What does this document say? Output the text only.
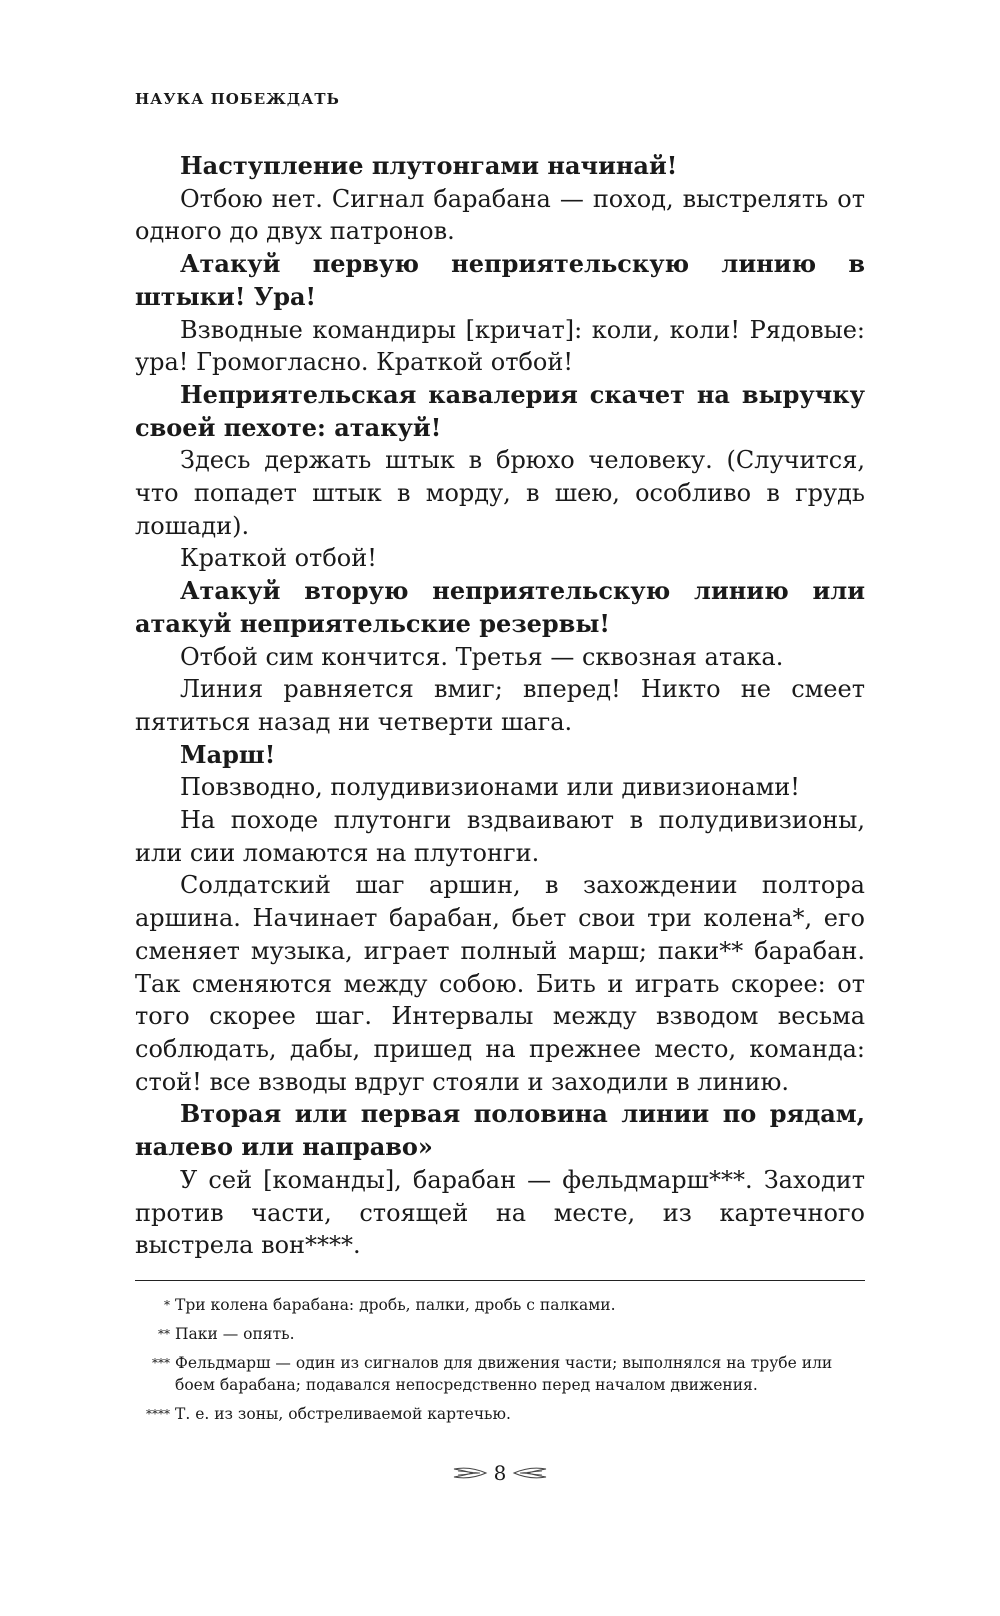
НАУКА ПОБЕЖДАТЬ

Наступление плутонгами начинай!

Отбою нет. Сигнал барабана — поход, выстрелять от одного до двух патронов.

Атакуй первую неприятельскую линию в штыки! Ура!

Взводные командиры [кричат]: коли, коли! Рядовые: ура! Громогласно. Краткой отбой!

Неприятельская кавалерия скачет на выручку своей пехоте: атакуй!

Здесь держать штык в брюхо человеку. (Случится, что попадет штык в морду, в шею, особливо в грудь лошади).

Краткой отбой!

Атакуй вторую неприятельскую линию или атакуй неприятельские резервы!

Отбой сим кончится. Третья — сквозная атака.

Линия равняется вмиг; вперед! Никто не смеет пятиться назад ни четверти шага.

Марш!

Повзводно, полудивизионами или дивизионами!

На походе плутонги вздваивают в полудивизионы, или сии ломаются на плутонги.

Солдатский шаг аршин, в захождении полтора аршина. Начинает барабан, бьет свои три колена*, его сменяет музыка, играет полный марш; паки** барабан. Так сменяются между собою. Бить и играть скорее: от того скорее шаг. Интервалы между взводом весьма соблюдать, дабы, пришед на прежнее место, команда: стой! все взводы вдруг стояли и заходили в линию.

Вторая или первая половина линии по рядам, налево или направо»

У сей [команды], барабан — фельдмарш***. Заходит против части, стоящей на месте, из картечного выстрела вон****.

* Три колена барабана: дробь, палки, дробь с палками.
** Паки — опять.
*** Фельдмарш — один из сигналов для движения части; выполнялся на трубе или боем барабана; подавался непосредственно перед началом движения.
**** Т. е. из зоны, обстреливаемой картечью.
8
